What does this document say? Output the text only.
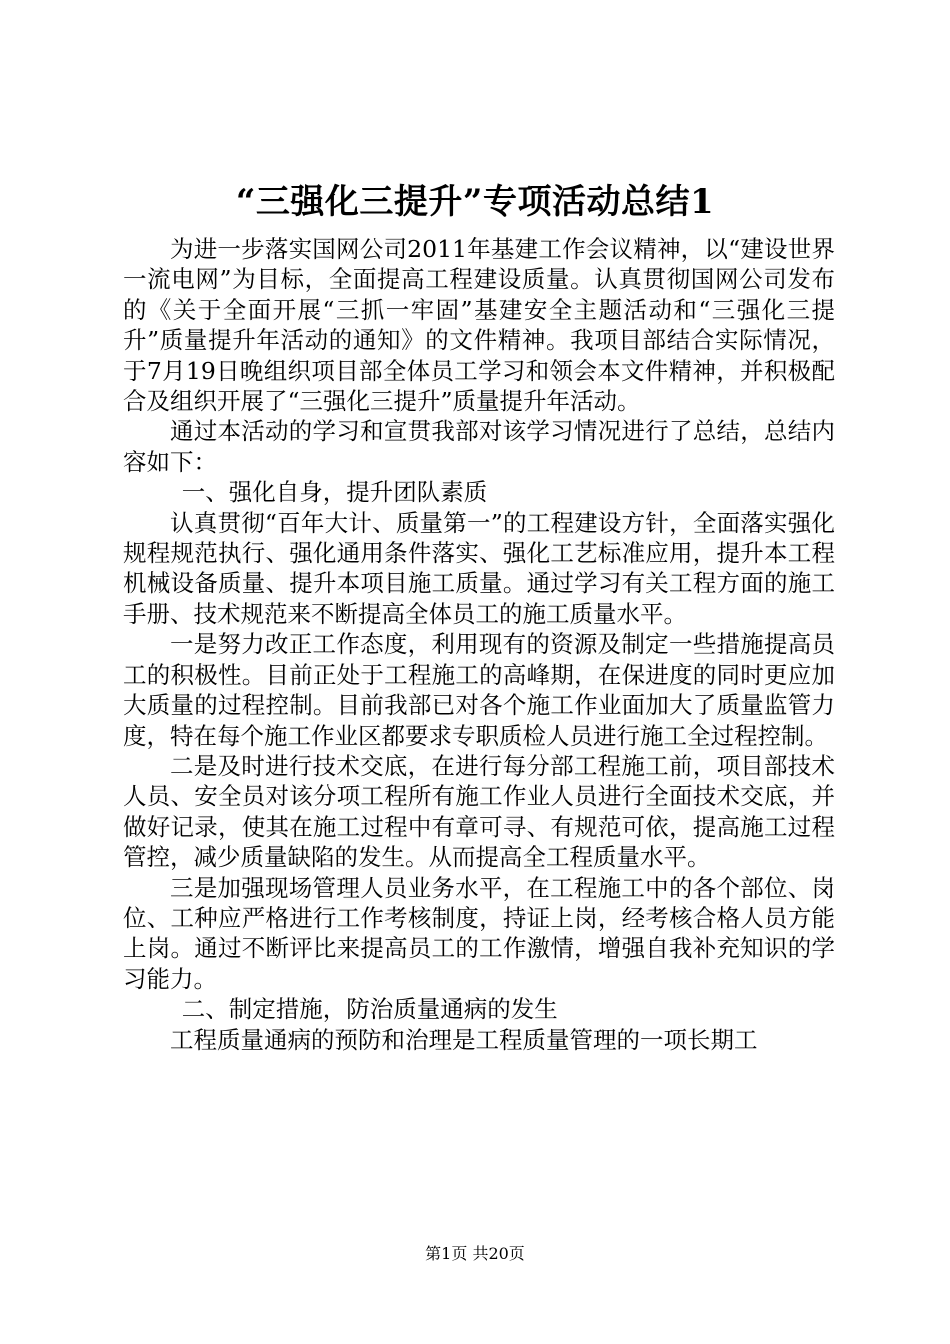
“三强化三提升”专项活动总结1

为进一步落实国网公司2011年基建工作会议精神，以“建设世界一流电网”为目标，全面提高工程建设质量。认真贯彻国网公司发布的《关于全面开展“三抓一牢固”基建安全主题活动和“三强化三提升”质量提升年活动的通知》的文件精神。我项目部结合实际情况，于7月19日晚组织项目部全体员工学习和领会本文件精神，并积极配合及组织开展了“三强化三提升”质量提升年活动。

通过本活动的学习和宣贯我部对该学习情况进行了总结，总结内容如下：

一、强化自身，提升团队素质

认真贯彻“百年大计、质量第一”的工程建设方针，全面落实强化规程规范执行、强化通用条件落实、强化工艺标准应用，提升本工程机械设备质量、提升本项目施工质量。通过学习有关工程方面的施工手册、技术规范来不断提高全体员工的施工质量水平。

一是努力改正工作态度，利用现有的资源及制定一些措施提高员工的积极性。目前正处于工程施工的高峰期，在保进度的同时更应加大质量的过程控制。目前我部已对各个施工作业面加大了质量监管力度，特在每个施工作业区都要求专职质检人员进行施工全过程控制。

二是及时进行技术交底，在进行每分部工程施工前，项目部技术人员、安全员对该分项工程所有施工作业人员进行全面技术交底，并做好记录，使其在施工过程中有章可寻、有规范可依，提高施工过程管控，减少质量缺陷的发生。从而提高全工程质量水平。

三是加强现场管理人员业务水平，在工程施工中的各个部位、岗位、工种应严格进行工作考核制度，持证上岗，经考核合格人员方能上岗。通过不断评比来提高员工的工作激情，增强自我补充知识的学习能力。

二、制定措施，防治质量通病的发生

工程质量通病的预防和治理是工程质量管理的一项长期工

第1页 共20页
